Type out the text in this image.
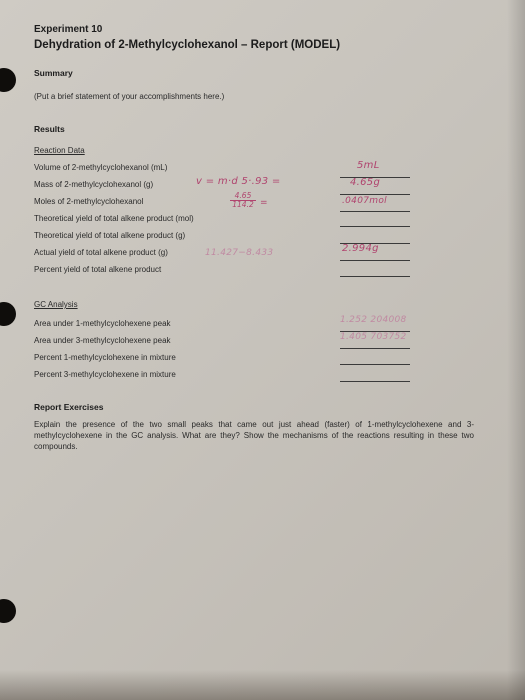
Experiment 10
Dehydration of 2-Methylcyclohexanol – Report (MODEL)
Summary
(Put a brief statement of your accomplishments here.)
Results
Reaction Data
Volume of 2-methylcyclohexanol (mL)	5mL
Mass of 2-methylcyclohexanol (g)	v = m·d 5·.93 =	4.65g
Moles of 2-methylcyclohexanol	$\frac{4.65}{114.2}$ =	.0407mol
Theoretical yield of total alkene product (mol)
Theoretical yield of total alkene product (g)
Actual yield of total alkene product (g)	11.427−8.433	2.994g
Percent yield of total alkene product
GC Analysis
Area under 1-methylcyclohexene peak	1.252 204008
Area under 3-methylcyclohexene peak	1.405 703752
Percent 1-methylcyclohexene in mixture
Percent 3-methylcyclohexene in mixture
Report Exercises
Explain the presence of the two small peaks that came out just ahead (faster) of 1-methylcyclohexene and 3-methylcyclohexene in the GC analysis. What are they? Show the mechanisms of the reactions resulting in these two compounds.
